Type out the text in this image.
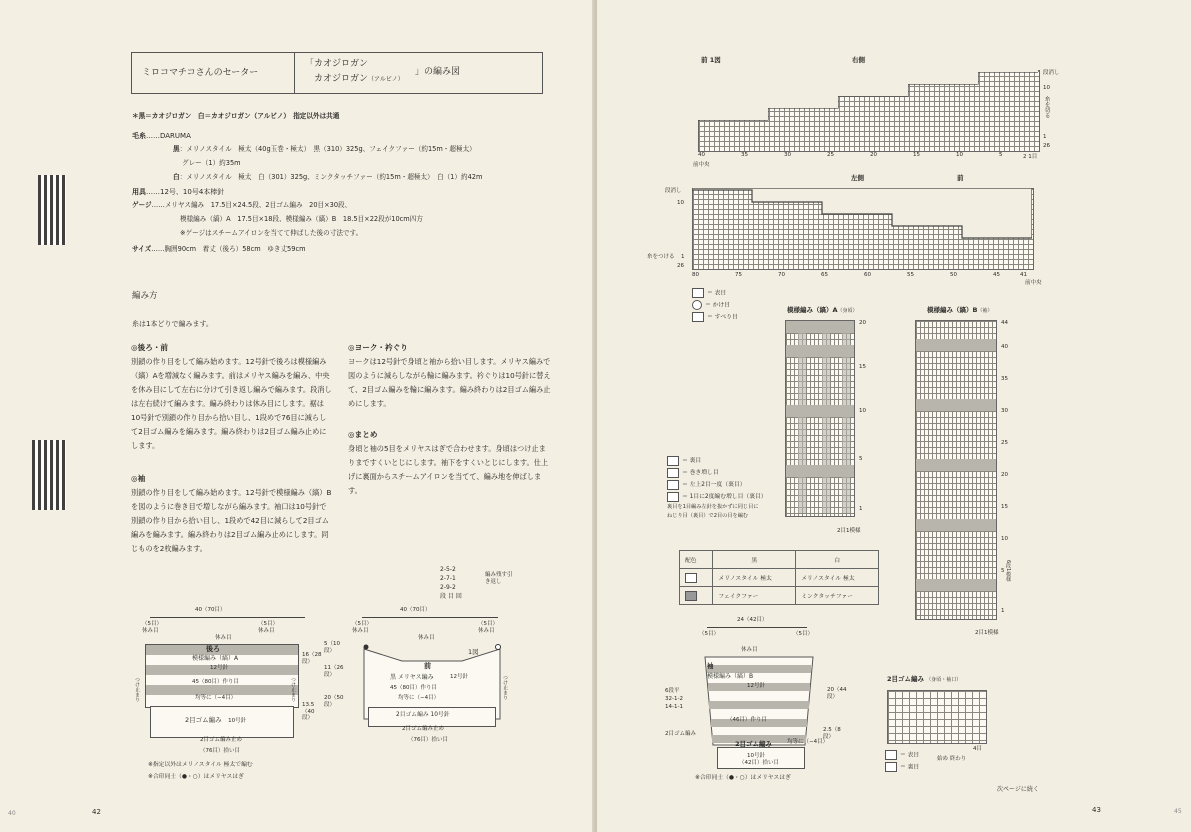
ミロコマチコさんのセーター
「カオジロガン
カオジロガン（アルビノ）
」の編み図
＊黒＝カオジロガン　白＝カオジロガン（アルビノ）　指定以外は共通
毛糸……DARUMA
黒：メリノスタイル　極太（40g玉巻・極太）　黒（310）325g、フェイクファー（約15m・超極太）
グレー（1）約35m
白：メリノスタイル　極太　白（301）325g、ミンクタッチファー（約15m・超極太）　白（1）約42m
用具……12号、10号4本棒針
ゲージ……メリヤス編み　17.5目×24.5段、2目ゴム編み　20目×30段、
模様編み（縞）A　17.5目×18段、模様編み（縞）B　18.5目×22段が10cm四方
※ゲージはスチームアイロンを当てて伸ばした後の寸法です。
サイズ……胸囲90cm　着丈（後ろ）58cm　ゆき丈59cm
編み方
糸は1本どりで編みます。
◎後ろ・前
別鎖の作り目をして編み始めます。12号針で後ろは模様編み（縞）Aを増減なく編みます。前はメリヤス編みを編み、中央を休み目にして左右に分けて引き返し編みで編みます。段消しは左右続けて編みます。編み終わりは休み目にします。裾は10号針で別鎖の作り目から拾い目し、1段めで76目に減らして2目ゴム編みを編みます。編み終わりは2目ゴム編み止めにします。
◎袖
別鎖の作り目をして編み始めます。12号針で模様編み（縞）Bを図のように巻き目で増しながら編みます。袖口は10号針で別鎖の作り目から拾い目し、1段めで42目に減らして2目ゴム編みを編みます。編み終わりは2目ゴム編み止めにします。同じものを2枚編みます。
◎ヨーク・衿ぐり
ヨークは12号針で身頃と袖から拾い目します。メリヤス編みで図のように減らしながら輪に編みます。衿ぐりは10号針に替えて、2目ゴム編みを輪に編みます。編み終わりは2目ゴム編み止めにします。
◎まとめ
身頃と袖の5目をメリヤスはぎで合わせます。身頃はつけ止まりまですくいとじにします。袖下をすくいとじにします。仕上げに裏面からスチームアイロンを当てて、編み地を伸ばします。
2-5-2
2-7-1
2-9-2
段 目 回
編み残す引き返し
40（70目）
（5目）休み目
（5目）休み目
休み目
後ろ
模様編み（縞）A
12号針
45（80目）作り目
均等に（−4目）
2目ゴム編み　 10号針
2目ゴム編み止め
（76目）拾い目
16（28段）
13.5（40段）
つけ止まり	つけ止まり
40（70目）
（5目）休み目
（5目）休み目
休み目
前
1図
黒 メリヤス編み	12号針
45（80目）作り目
均等に（−4目）
2目ゴム編み 10号針
2目ゴム編み止め
（76目）拾い目
5（10段）
11（26段）
20（50段）
つけ止まり
※指定以外はメリノスタイル 極太で編む
※合印同士（●・○）はメリヤスはぎ
40	42
前 1図	右側
段消し
10
糸を切る
1
26
40	35	30	25	20	15	10	5	2 1目
前中央
左側	前
段消し
10
糸をつける 1
26
80	75	70	65	60	55	50	45	41
前中央
＝ 表目
＝ かけ目
＝ すべり目
模様編み（縞）A（身頃）
20
15
10
5
1
2目1模様
模様編み（縞）B（袖）
44
40
35
30
25
20
15
10
5
1
6段1模様
2目1模様
＝ 裏目
＝ 巻き増し目
＝ 左上2目一度（裏目）
＝ 1目に2度編む増し目（裏目）
裏目を1目編み左針を抜かずに同じ目に
ねじり目（裏目）で2目の目を編む
配色	黒	白
	メリノスタイル 極太	メリノスタイル 極太
	フェイクファー	ミンクタッチファー
24（42目）
（5目）	（5目）
休み目
袖
模様編み（縞）B
12号針
（46目）作り目
6段平
32-1-2
14-1-1
均等に（−4目）
2目ゴム編み
2目ゴム編み
10号針
（42目）拾い目
20（44段）
2.5（8段）
※合印同士（●・○）はメリヤスはぎ
2目ゴム編み （身頃・袖口）
4目
始め 終わり
＝ 表目
＝ 裏目
次ページに続く
43	45
